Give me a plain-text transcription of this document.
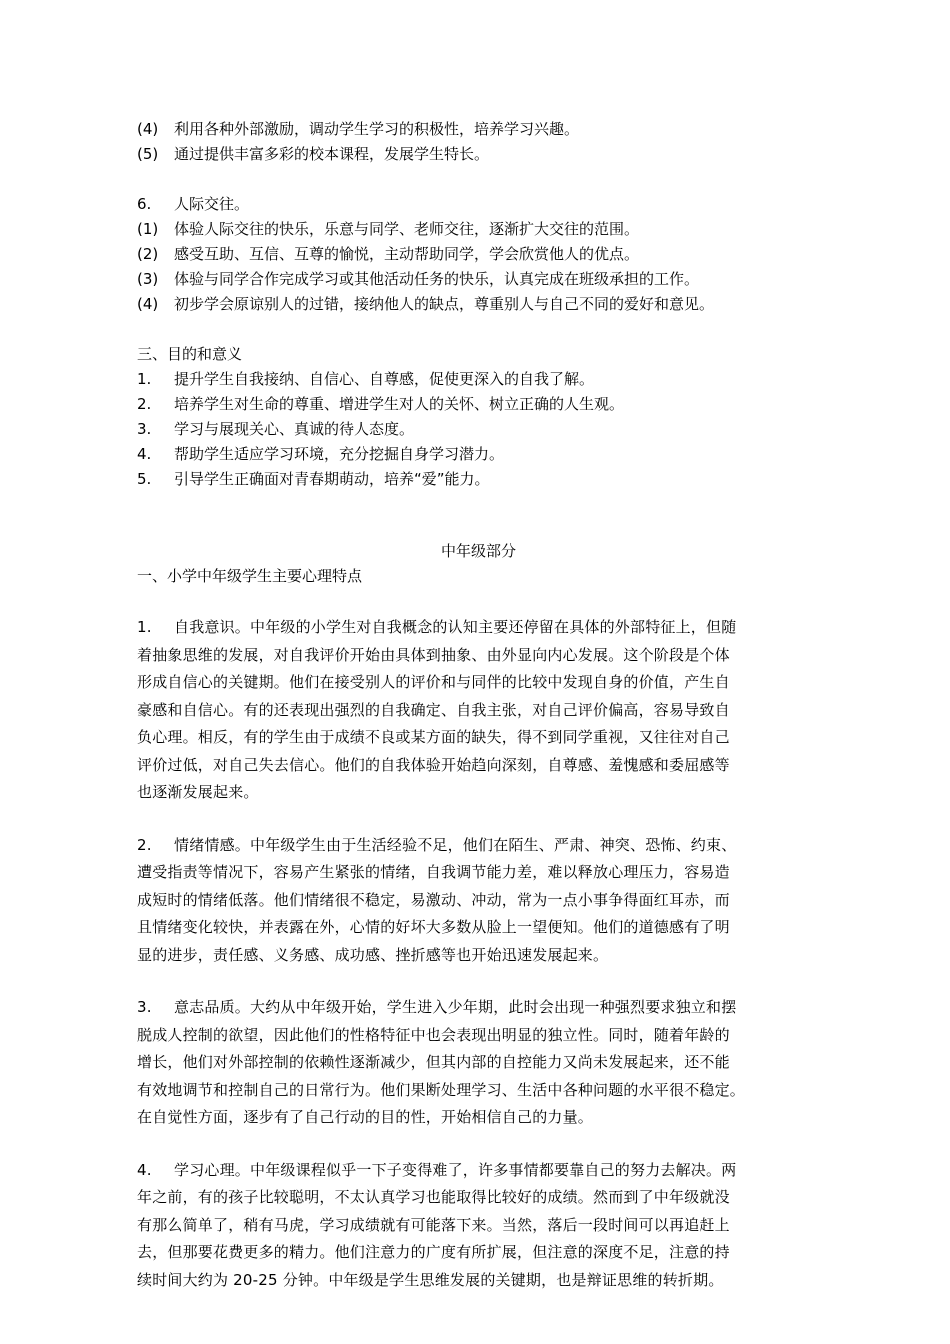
(4) 利用各种外部激励，调动学生学习的积极性，培养学习兴趣。

(5) 通过提供丰富多彩的校本课程，发展学生特长。

6. 人际交往。

(1) 体验人际交往的快乐，乐意与同学、老师交往，逐渐扩大交往的范围。

(2) 感受互助、互信、互尊的愉悦，主动帮助同学，学会欣赏他人的优点。

(3) 体验与同学合作完成学习或其他活动任务的快乐，认真完成在班级承担的工作。

(4) 初步学会原谅别人的过错，接纳他人的缺点，尊重别人与自己不同的爱好和意见。

三、目的和意义

1. 提升学生自我接纳、自信心、自尊感，促使更深入的自我了解。

2. 培养学生对生命的尊重、增进学生对人的关怀、树立正确的人生观。

3. 学习与展现关心、真诚的待人态度。

4. 帮助学生适应学习环境，充分挖掘自身学习潜力。

5. 引导学生正确面对青春期萌动，培养“爱”能力。

中年级部分

一、小学中年级学生主要心理特点

1. 自我意识。中年级的小学生对自我概念的认知主要还停留在具体的外部特征上，但随

着抽象思维的发展，对自我评价开始由具体到抽象、由外显向内心发展。这个阶段是个体

形成自信心的关键期。他们在接受别人的评价和与同伴的比较中发现自身的价值，产生自

豪感和自信心。有的还表现出强烈的自我确定、自我主张，对自己评价偏高，容易导致自

负心理。相反，有的学生由于成绩不良或某方面的缺失，得不到同学重视，又往往对自己

评价过低，对自己失去信心。他们的自我体验开始趋向深刻，自尊感、羞愧感和委屈感等

也逐渐发展起来。

2. 情绪情感。中年级学生由于生活经验不足，他们在陌生、严肃、神突、恐怖、约束、

遭受指责等情况下，容易产生紧张的情绪，自我调节能力差，难以释放心理压力，容易造

成短时的情绪低落。他们情绪很不稳定，易激动、冲动，常为一点小事争得面红耳赤，而

且情绪变化较快，并表露在外，心情的好坏大多数从脸上一望便知。他们的道德感有了明

显的进步，责任感、义务感、成功感、挫折感等也开始迅速发展起来。

3. 意志品质。大约从中年级开始，学生进入少年期，此时会出现一种强烈要求独立和摆

脱成人控制的欲望，因此他们的性格特征中也会表现出明显的独立性。同时，随着年龄的

增长，他们对外部控制的依赖性逐渐减少，但其内部的自控能力又尚未发展起来，还不能

有效地调节和控制自己的日常行为。他们果断处理学习、生活中各种问题的水平很不稳定。

在自觉性方面，逐步有了自己行动的目的性，开始相信自己的力量。

4. 学习心理。中年级课程似乎一下子变得难了，许多事情都要靠自己的努力去解决。两

年之前，有的孩子比较聪明，不太认真学习也能取得比较好的成绩。然而到了中年级就没

有那么简单了，稍有马虎，学习成绩就有可能落下来。当然，落后一段时间可以再追赶上

去，但那要花费更多的精力。他们注意力的广度有所扩展，但注意的深度不足，注意的持

续时间大约为 20-25 分钟。中年级是学生思维发展的关键期，也是辩证思维的转折期。
